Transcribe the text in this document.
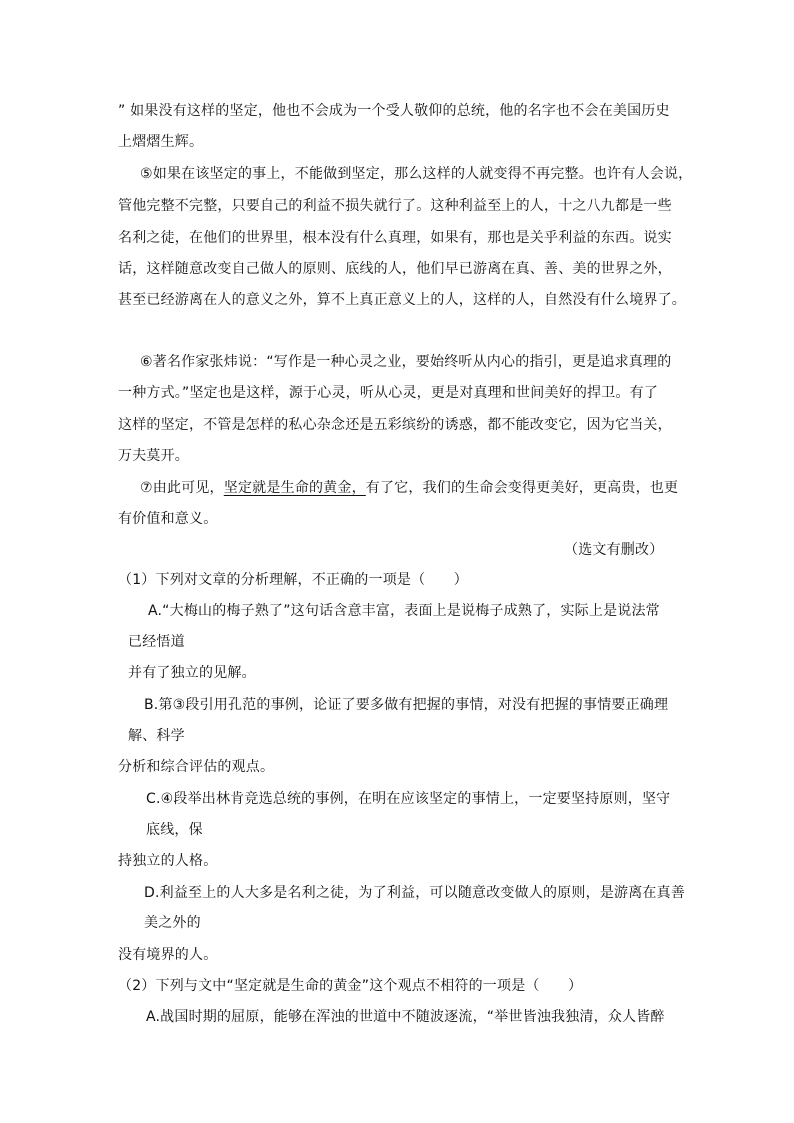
” 如果没有这样的坚定，他也不会成为一个受人敬仰的总统，他的名字也不会在美国历史
上熠熠生辉。
⑤如果在该坚定的事上，不能做到坚定，那么这样的人就变得不再完整。也许有人会说，
管他完整不完整，只要自己的利益不损失就行了。这种利益至上的人，十之八九都是一些
名利之徒，在他们的世界里，根本没有什么真理，如果有，那也是关乎利益的东西。说实
话，这样随意改变自己做人的原则、底线的人，他们早已游离在真、善、美的世界之外，
甚至已经游离在人的意义之外，算不上真正意义上的人，这样的人，自然没有什么境界了。
⑥著名作家张炜说：“写作是一种心灵之业，要始终听从内心的指引，更是追求真理的
一种方式。”坚定也是这样，源于心灵，听从心灵，更是对真理和世间美好的捍卫。有了
这样的坚定，不管是怎样的私心杂念还是五彩缤纷的诱惑，都不能改变它，因为它当关，
万夫莫开。
⑦由此可见，坚定就是生命的黄金，有了它，我们的生命会变得更美好，更高贵，也更
有价值和意义。
（选文有删改）
（1）下列对文章的分析理解，不正确的一项是（　　）
A.“大梅山的梅子熟了”这句话含意丰富，表面上是说梅子成熟了，实际上是说法常
已经悟道
并有了独立的见解。
B.第③段引用孔范的事例，论证了要多做有把握的事情，对没有把握的事情要正确理
解、科学
分析和综合评估的观点。
C.④段举出林肯竞选总统的事例，在明在应该坚定的事情上，一定要坚持原则，坚守
底线，保
持独立的人格。
D.利益至上的人大多是名利之徒，为了利益，可以随意改变做人的原则，是游离在真善
美之外的
没有境界的人。
（2）下列与文中“坚定就是生命的黄金”这个观点不相符的一项是（　　）
A.战国时期的屈原，能够在浑浊的世道中不随波逐流，“举世皆浊我独清，众人皆醉
